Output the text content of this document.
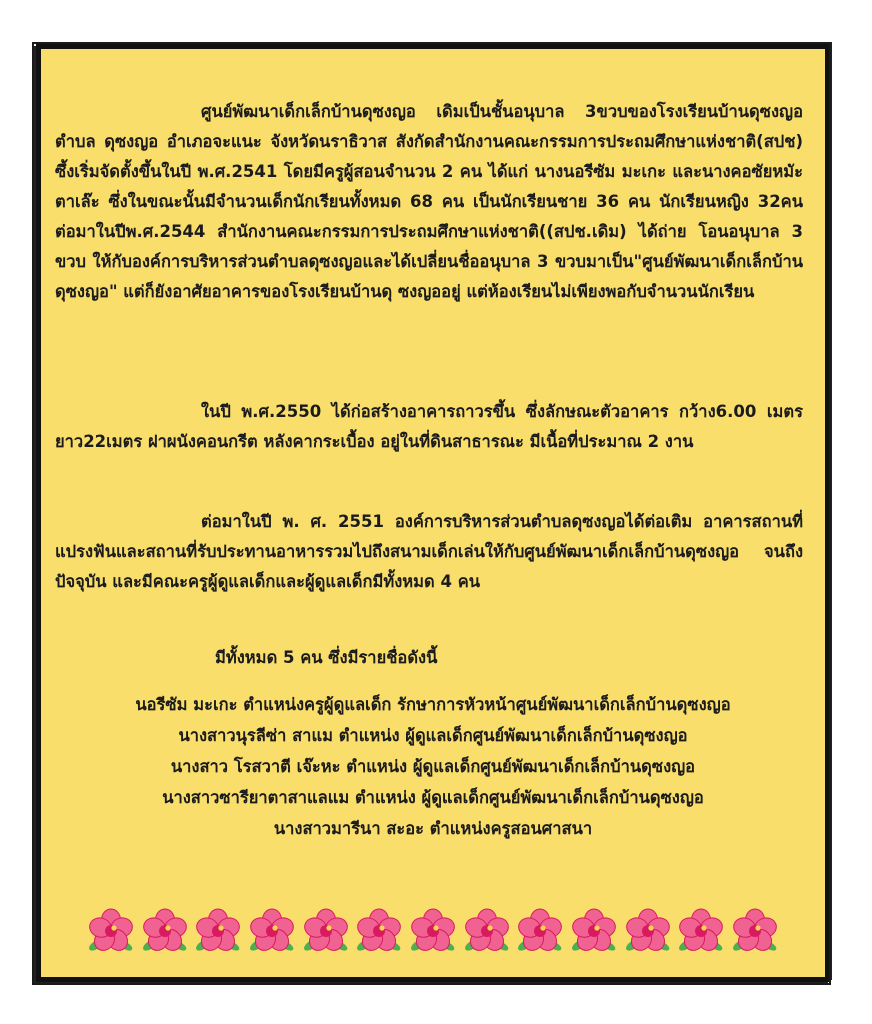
ศูนย์พัฒนาเด็กเล็กบ้านดุซงญอ เดิมเป็นชั้นอนุบาล 3ขวบของโรงเรียนบ้านดุซงญอ ตำบล ดุซงญอ อำเภอจะแนะ จังหวัดนราธิวาส สังกัดสำนักงานคณะกรรมการประถมศึกษาแห่งชาติ(สปช) ซึ้งเริ่มจัดตั้งขึ้นในปี พ.ศ.2541 โดยมีครูผู้สอนจำนวน 2 คน ได้แก่ นางนอรีซัม มะเกะ และนางคอซัยหมัะ ตาเล๊ะ ซึ่งในขณะนั้นมีจำนวนเด็กนักเรียนทั้งหมด 68 คน เป็นนักเรียนชาย 36 คน นักเรียนหญิง 32คน ต่อมาในปีพ.ศ.2544 สำนักงานคณะกรรมการประถมศึกษาแห่งชาติ((สปช.เดิม) ได้ถ่าย โอนอนุบาล 3 ขวบ ให้กับองค์การบริหารส่วนตำบลดุซงญอและได้เปลี่ยนชื่ออนุบาล 3 ขวบมาเป็น"ศูนย์พัฒนาเด็กเล็กบ้านดุซงญอ" แต่ก็ยังอาศัยอาคารของโรงเรียนบ้านดุ ซงญออยู่ แต่ห้องเรียนไม่เพียงพอกับจำนวนนักเรียน

ในปี พ.ศ.2550 ได้ก่อสร้างอาคารถาวรขึ้น ซึ่งลักษณะตัวอาคาร กว้าง6.00 เมตรยาว22เมตร ฝาผนังคอนกรีต หลังคากระเบื้อง อยู่ในที่ดินสาธารณะ มีเนื้อที่ประมาณ 2 งาน

ต่อมาในปี พ. ศ. 2551 องค์การบริหารส่วนตำบลดุซงญอได้ต่อเติม อาคารสถานที่แปรงฟันและสถานที่รับประทานอาหารรวมไปถึงสนามเด็กเล่นให้กับศูนย์พัฒนาเด็กเล็กบ้านดุซงญอ จนถึงปัจจุบัน และมีคณะครูผู้ดูแลเด็กและผู้ดูแลเด็กมีทั้งหมด 4 คน

มีทั้งหมด 5 คน ซึ่งมีรายชื่อดังนี้

นอรีซัม มะเกะ ตำแหน่งครูผู้ดูแลเด็ก รักษาการหัวหน้าศูนย์พัฒนาเด็กเล็กบ้านดุซงญอ
นางสาวนุรลีซ่า สาแม ตำแหน่ง ผู้ดูแลเด็กศูนย์พัฒนาเด็กเล็กบ้านดุซงญอ
นางสาว โรสวาตี เจ๊ะหะ ตำแหน่ง ผู้ดูแลเด็กศูนย์พัฒนาเด็กเล็กบ้านดุซงญอ
นางสาวซารียาตาสาแลแม ตำแหน่ง ผู้ดูแลเด็กศูนย์พัฒนาเด็กเล็กบ้านดุซงญอ
นางสาวมารีนา สะอะ ตำแหน่งครูสอนศาสนา
